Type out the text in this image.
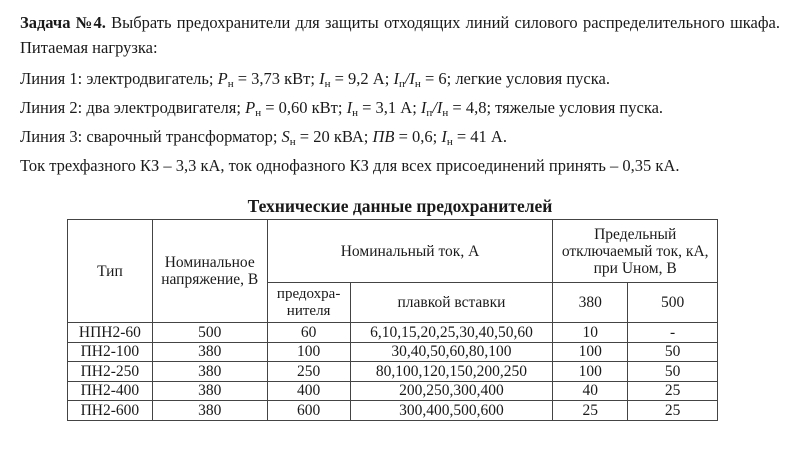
Задача №4. Выбрать предохранители для защиты отходящих линий силового распределительного шкафа. Питаемая нагрузка:

Линия 1: электродвигатель; $P_н = 3,73$ кВт; $I_н = 9,2$ А; $I_п/I_н = 6$; легкие условия пуска.

Линия 2: два электродвигателя; $P_н = 0,60$ кВт; $I_н = 3,1$ А; $I_п/I_н = 4,8$; тяжелые условия пуска.

Линия 3: сварочный трансформатор; $S_н = 20$ кВА; ПВ = 0,6; $I_н = 41$ А.

Ток трехфазного КЗ – 3,3 кА, ток однофазного КЗ для всех присоединений принять – 0,35 кА.

Технические данные предохранителей
Тип	Номинальное напряжение, В	Номинальный ток, А		Предельный отключаемый ток, кА, при Uном, В	
		предохра-нителя	плавкой вставки	380	500
НПН2-60	500	60	6,10,15,20,25,30,40,50,60	10	-
ПН2-100	380	100	30,40,50,60,80,100	100	50
ПН2-250	380	250	80,100,120,150,200,250	100	50
ПН2-400	380	400	200,250,300,400	40	25
ПН2-600	380	600	300,400,500,600	25	25
